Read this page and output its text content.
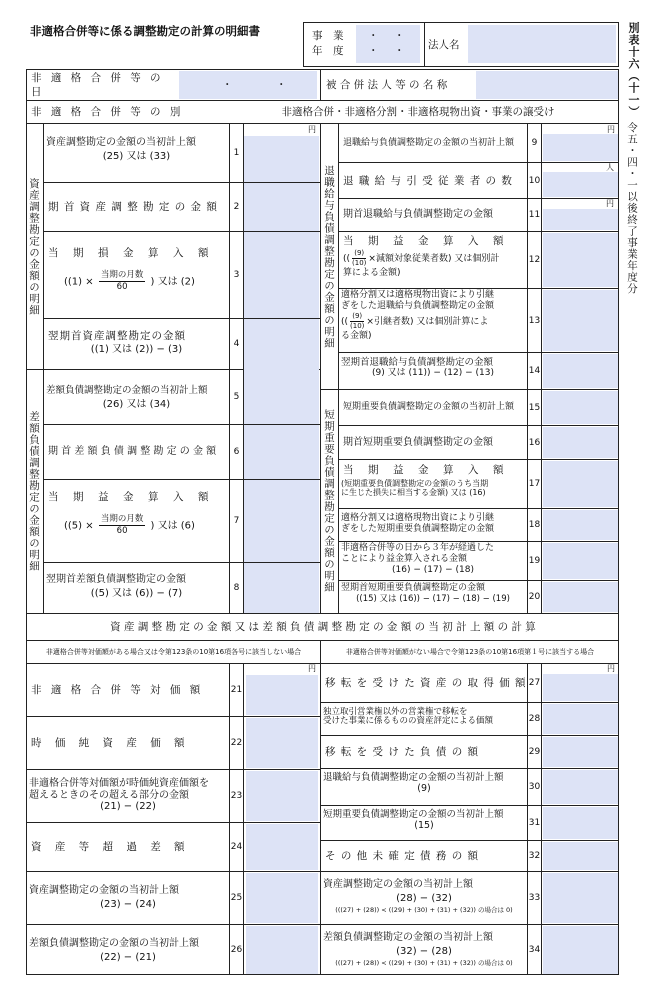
非適格合併等に係る調整勘定の計算の明細書	事　業
年　度
・ ・
・ ・ 法人名	別表十六（十一）
令五・四・一以後終了事業年度分
非 適 格 合 併 等 の 日
・	・	被 合 併 法 人 等 の 名 称
非 適 格 合 併 等 の 別	非適格合併・非適格分割・非適格現物出資・事業の譲受け
資産調整勘定の金額の明細
差額負債調整勘定の金額の明細
円
資産調整勘定の金額の当初計上額
(25) 又は (33)	1
期 首 資 産 調 整 勘 定 の 金 額	2
当　期　損　金　算　入　額
($(1) \times \frac{\text{当期の月数}}{60}$ ) 又は (2)
3
翌期首資産調整勘定の金額
((1) 又は (2)) − (3)	4
差額負債調整勘定の金額の当初計上額
(26) 又は (34)
5
期 首 差 額 負 債 調 整 勘 定 の 金 額	6
当　期　益　金　算　入　額
($(5) \times \frac{\text{当期の月数}}{60}$ ) 又は (6)	7
翌期首差額負債調整勘定の金額
((5) 又は (6)) − (7)	8
退職給与負債調整勘定の金額の明細
短期重要負債調整勘定の金額の明細
円
退職給与負債調整勘定の金額の当初計上額	9
人
退 職 給 与 引 受 従 業 者 の 数	10
円
期首退職給与負債調整勘定の金額	11
当　期　益　金　算　入　額
(( $\frac{(9)}{(10)}$ ×減額対象従業者数) 又は個別計
算による金額)
12
適格分割又は適格現物出資により引継
ぎをした退職給与負債調整勘定の金額
(( $\frac{(9)}{(10)}$ ×引継者数) 又は個別計算によ
る金額)
13
翌期首退職給与負債調整勘定の金額
(9) 又は (11)) − (12) − (13)	14
短期重要負債調整勘定の金額の当初計上額	15
期首短期重要負債調整勘定の金額	16
当　期　益　金　算　入　額
(短期重要負債調整勘定の金額のうち当期
に生じた損失に相当する金額) 又は (16)
17
適格分割又は適格現物出資により引継
ぎをした短期重要負債調整勘定の金額	18
非適格合併等の日から３年が経過した
ことにより益金算入される金額
(16) − (17) − (18)
19
翌期首短期重要負債調整勘定の金額
((15) 又は (16)) − (17) − (18) − (19)	20
資 産 調 整 勘 定 の 金 額 又 は 差 額 負 債 調 整 勘 定 の 金 額 の 当 初 計 上 額 の 計 算
非適格合併等対価額がある場合又は令第123条の10第16項各号に該当しない場合	非適格合併等対価額がない場合で令第123条の10第16項第１号に該当する場合
円	円
非 適 格 合 併 等 対 価 額	21
時 価 純 資 産 価 額	22
非適格合併等対価額が時価純資産価額を
超えるときのその超える部分の金額
(21) − (22)
23
資 産 等 超 過 差 額	24
資産調整勘定の金額の当初計上額
(23) − (24)
25
差額負債調整勘定の金額の当初計上額
(22) − (21)
26
移 転 を 受 け た 資 産 の 取 得 価 額 27
独立取引営業権以外の営業権で移転を
受けた事業に係るものの資産評定による価額	28
移 転 を 受 け た 負 債 の 額	29
退職給与負債調整勘定の金額の当初計上額
(9)	30
短期重要負債調整勘定の金額の当初計上額
(15)	31
そ の 他 未 確 定 債 務 の 額	32
資産調整勘定の金額の当初計上額
(28) − (32)
(((27) + (28)) < ((29) + (30) + (31) + (32)) の場合は 0)
33
差額負債調整勘定の金額の当初計上額
(32) − (28)
(((27) + (28)) < ((29) + (30) + (31) + (32)) の場合は 0)
34
